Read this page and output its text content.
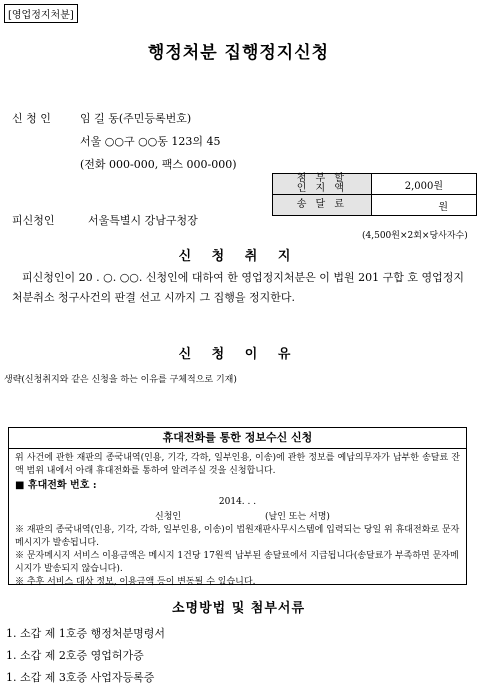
[영업정지처분]
행정처분 집행정지신청
신 청 인	임 길 동(주민등록번호)
서울 ○○구 ○○동 123의 45
(전화 000-000, 팩스 000-000)
첨 부 할
인 지 액	2,000원
송 달 료	원
(4,500원×2회×당사자수)
피신청인	서울특별시 강남구청장
신 청 취 지
피신청인이 20 . ○. ○○. 신청인에 대하여 한 영업정지처분은 이 법원 201 구합 호 영업정지처분취소 청구사건의 판결 선고 시까지 그 집행을 정지한다.
신 청 이 유
생략(신청취지와 같은 신청을 하는 이유를 구체적으로 기재)
휴대전화를 통한 정보수신 신청
위 사건에 관한 재판의 종국내역(인용, 기각, 각하, 일부인용, 이송)에 관한 정보를 예납의무자가 납부한 송달료 잔액 범위 내에서 아래 휴대전화를 통하여 알려주실 것을 신청합니다.
■ 휴대전화 번호 :
2014. . .
신청인	(날인 또는 서명)
※ 재판의 종국내역(인용, 기각, 각하, 일부인용, 이송)이 법원재판사무시스템에 입력되는 당일 위 휴대전화로 문자메시지가 발송됩니다.
※ 문자메시지 서비스 이용금액은 메시지 1건당 17원씩 납부된 송달료에서 지급됩니다(송달료가 부족하면 문자메시지가 발송되지 않습니다).
※ 추후 서비스 대상 정보, 이용금액 등이 변동될 수 있습니다.
소명방법 및 첨부서류
1. 소갑 제 1호증 행정처분명령서
1. 소갑 제 2호증 영업허가증
1. 소갑 제 3호증 사업자등록증
